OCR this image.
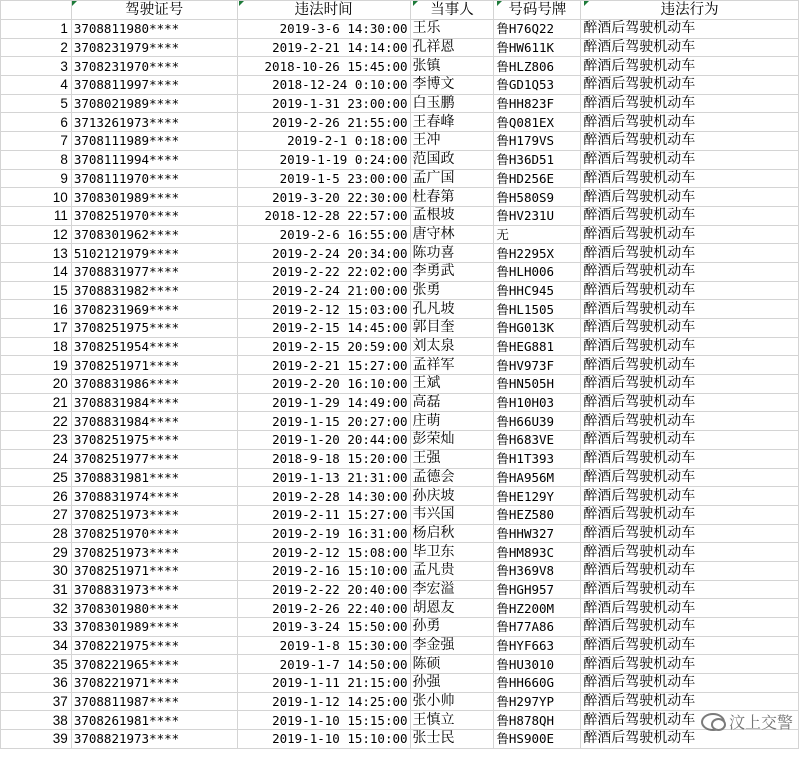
	驾驶证号	违法时间	当事人	号码号牌	违法行为
1	3708811980****	2019-3-6 14:30:00	王乐	鲁H76Q22	醉酒后驾驶机动车
2	3708231979****	2019-2-21 14:14:00	孔祥恩	鲁HW611K	醉酒后驾驶机动车
3	3708231970****	2018-10-26 15:45:00	张镇	鲁HLZ806	醉酒后驾驶机动车
4	3708811997****	2018-12-24 0:10:00	李博文	鲁GD1Q53	醉酒后驾驶机动车
5	3708021989****	2019-1-31 23:00:00	白玉鹏	鲁HH823F	醉酒后驾驶机动车
6	3713261973****	2019-2-26 21:55:00	王春峰	鲁Q081EX	醉酒后驾驶机动车
7	3708111989****	2019-2-1 0:18:00	王冲	鲁H179VS	醉酒后驾驶机动车
8	3708111994****	2019-1-19 0:24:00	范国政	鲁H36D51	醉酒后驾驶机动车
9	3708111970****	2019-1-5 23:00:00	孟广国	鲁HD256E	醉酒后驾驶机动车
10	3708301989****	2019-3-20 22:30:00	杜春第	鲁H580S9	醉酒后驾驶机动车
11	3708251970****	2018-12-28 22:57:00	孟根坡	鲁HV231U	醉酒后驾驶机动车
12	3708301962****	2019-2-6 16:55:00	唐守林	无	醉酒后驾驶机动车
13	5102121979****	2019-2-24 20:34:00	陈功喜	鲁H2295X	醉酒后驾驶机动车
14	3708831977****	2019-2-22 22:02:00	李勇武	鲁HLH006	醉酒后驾驶机动车
15	3708831982****	2019-2-24 21:00:00	张勇	鲁HHC945	醉酒后驾驶机动车
16	3708231969****	2019-2-12 15:03:00	孔凡坡	鲁HL1505	醉酒后驾驶机动车
17	3708251975****	2019-2-15 14:45:00	郭目奎	鲁HG013K	醉酒后驾驶机动车
18	3708251954****	2019-2-15 20:59:00	刘太泉	鲁HEG881	醉酒后驾驶机动车
19	3708251971****	2019-2-21 15:27:00	孟祥军	鲁HV973F	醉酒后驾驶机动车
20	3708831986****	2019-2-20 16:10:00	王斌	鲁HN505H	醉酒后驾驶机动车
21	3708831984****	2019-1-29 14:49:00	高磊	鲁H10H03	醉酒后驾驶机动车
22	3708831984****	2019-1-15 20:27:00	庄萌	鲁H66U39	醉酒后驾驶机动车
23	3708251975****	2019-1-20 20:44:00	彭荣灿	鲁H683VE	醉酒后驾驶机动车
24	3708251977****	2018-9-18 15:20:00	王强	鲁H1T393	醉酒后驾驶机动车
25	3708831981****	2019-1-13 21:31:00	孟德会	鲁HA956M	醉酒后驾驶机动车
26	3708831974****	2019-2-28 14:30:00	孙庆坡	鲁HE129Y	醉酒后驾驶机动车
27	3708251973****	2019-2-11 15:27:00	韦兴国	鲁HEZ580	醉酒后驾驶机动车
28	3708251970****	2019-2-19 16:31:00	杨启秋	鲁HHW327	醉酒后驾驶机动车
29	3708251973****	2019-2-12 15:08:00	毕卫东	鲁HM893C	醉酒后驾驶机动车
30	3708251971****	2019-2-16 15:10:00	孟凡贵	鲁H369V8	醉酒后驾驶机动车
31	3708831973****	2019-2-22 20:40:00	李宏溢	鲁HGH957	醉酒后驾驶机动车
32	3708301980****	2019-2-26 22:40:00	胡恩友	鲁HZ200M	醉酒后驾驶机动车
33	3708301989****	2019-3-24 15:50:00	孙勇	鲁H77A86	醉酒后驾驶机动车
34	3708221975****	2019-1-8 15:30:00	李金强	鲁HYF663	醉酒后驾驶机动车
35	3708221965****	2019-1-7 14:50:00	陈硕	鲁HU3010	醉酒后驾驶机动车
36	3708221971****	2019-1-11 21:15:00	孙强	鲁HH660G	醉酒后驾驶机动车
37	3708811987****	2019-1-12 14:25:00	张小帅	鲁H297YP	醉酒后驾驶机动车
38	3708261981****	2019-1-10 15:15:00	王慎立	鲁H878QH	醉酒后驾驶机动车
39	3708821973****	2019-1-10 15:10:00	张士民	鲁HS900E	醉酒后驾驶机动车
汶上交警
